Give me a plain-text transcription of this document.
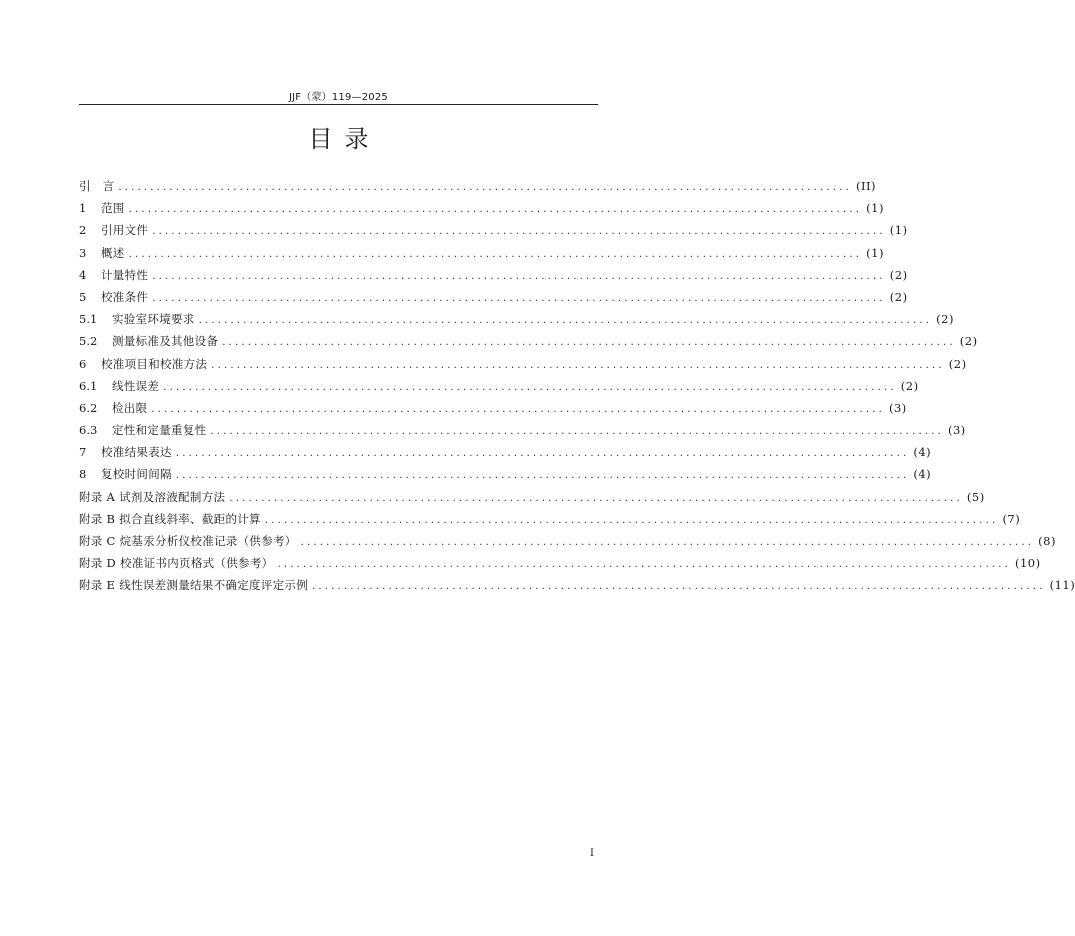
JJF（蒙）119—2025
目录
引　言 ................................................................................................................... (II)
1	范围 ................................................................................................................... (1)
2	引用文件 ................................................................................................................... (1)
3	概述 ................................................................................................................... (1)
4	计量特性 ................................................................................................................... (2)
5	校准条件 ................................................................................................................... (2)
5.1	实验室环境要求 ................................................................................................................... (2)
5.2	测量标准及其他设备 ................................................................................................................... (2)
6	校准项目和校准方法 ................................................................................................................... (2)
6.1	线性误差 ................................................................................................................... (2)
6.2	检出限 ................................................................................................................... (3)
6.3	定性和定量重复性 ................................................................................................................... (3)
7	校准结果表达 ................................................................................................................... (4)
8	复校时间间隔 ................................................................................................................... (4)
附录 A 试剂及溶液配制方法 ................................................................................................................... (5)
附录 B 拟合直线斜率、截距的计算 ................................................................................................................... (7)
附录 C 烷基汞分析仪校准记录（供参考） ................................................................................................................... (8)
附录 D 校准证书内页格式（供参考） ................................................................................................................... (10)
附录 E 线性误差测量结果不确定度评定示例 ................................................................................................................... (11)
I
